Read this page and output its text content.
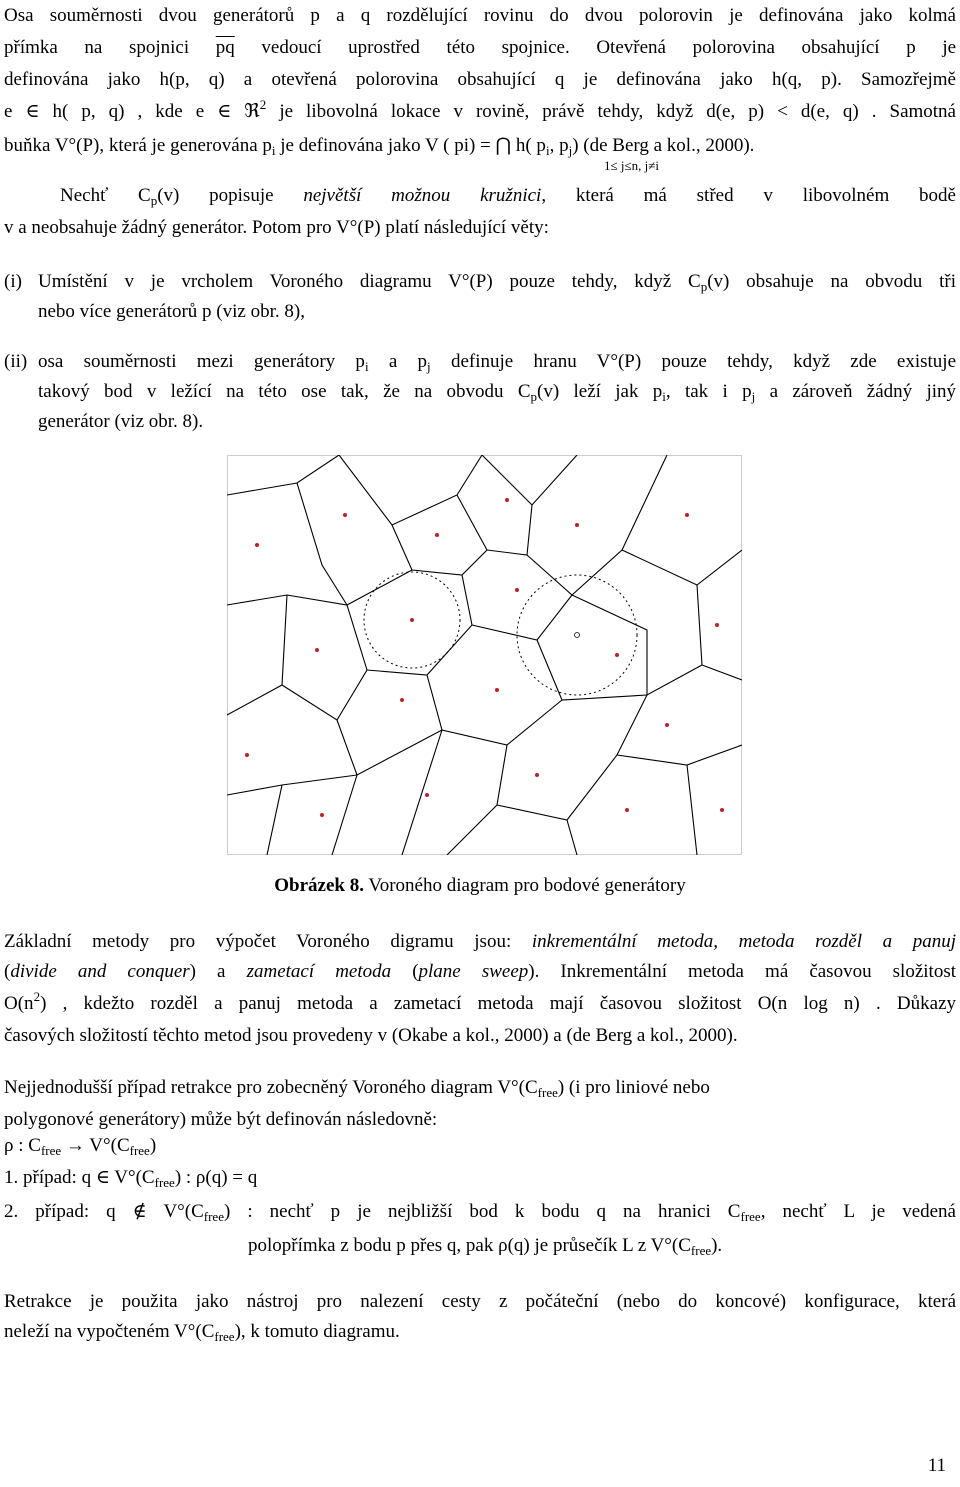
Osa souměrnosti dvou generátorů p a q rozdělující rovinu do dvou polorovin je definována jako kolmá
přímka na spojnici $\overline{pq}$ vedoucí uprostřed této spojnice. Otevřená polorovina obsahující p je
definována jako h(p, q) a otevřená polorovina obsahující q je definována jako h(q, p). Samozřejmě
e ∈ h( p, q) , kde e ∈ ℜ$^2$ je libovolná lokace v rovině, právě tehdy, když d(e, p) < d(e, q) . Samotná
buňka V°(P), která je generována $p_i$ je definována jako V ( pi) = ⋂ h( $p_i$, $p_j$) (de Berg a kol., 2000).
1≤ j≤n, j≠i
Nechť $C_p(v)$ popisuje největší možnou kružnici, která má střed v libovolném bodě
v a neobsahuje žádný generátor. Potom pro V°(P) platí následující věty:
(i) Umístění v je vrcholem Voroného diagramu V°(P) pouze tehdy, když $C_p(v)$ obsahuje na obvodu tři
nebo více generátorů p (viz obr. 8),
(ii) osa souměrnosti mezi generátory $p_i$ a $p_j$ definuje hranu V°(P) pouze tehdy, když zde existuje
takový bod v ležící na této ose tak, že na obvodu $C_p(v)$ leží jak $p_i$, tak i $p_j$ a zároveň žádný jiný
generátor (viz obr. 8).
Obrázek 8. Voroného diagram pro bodové generátory
Základní metody pro výpočet Voroného digramu jsou: inkrementální metoda, metoda rozděl a panuj
(divide and conquer) a zametací metoda (plane sweep). Inkrementální metoda má časovou složitost
$O(n^2)$ , kdežto rozděl a panuj metoda a zametací metoda mají časovou složitost O(n log n) . Důkazy
časových složitostí těchto metod jsou provedeny v (Okabe a kol., 2000) a (de Berg a kol., 2000).
Nejjednodušší případ retrakce pro zobecněný Voroného diagram $V^\circ(C_{free})$ (i pro liniové nebo
polygonové generátory) může být definován následovně:
ρ : $C_{free} \to V^\circ(C_{free})$
1. případ: q ∈ $V^\circ(C_{free})$ : ρ(q) = q
2. případ: q ∉ $V^\circ(C_{free})$ : nechť p je nejbližší bod k bodu q na hranici $C_{free}$, nechť L je vedená
polopřímka z bodu p přes q, pak ρ(q) je průsečík L z $V^\circ(C_{free})$.
Retrakce je použita jako nástroj pro nalezení cesty z počáteční (nebo do koncové) konfigurace, která
neleží na vypočteném $V^\circ(C_{free})$, k tomuto diagramu.
11
